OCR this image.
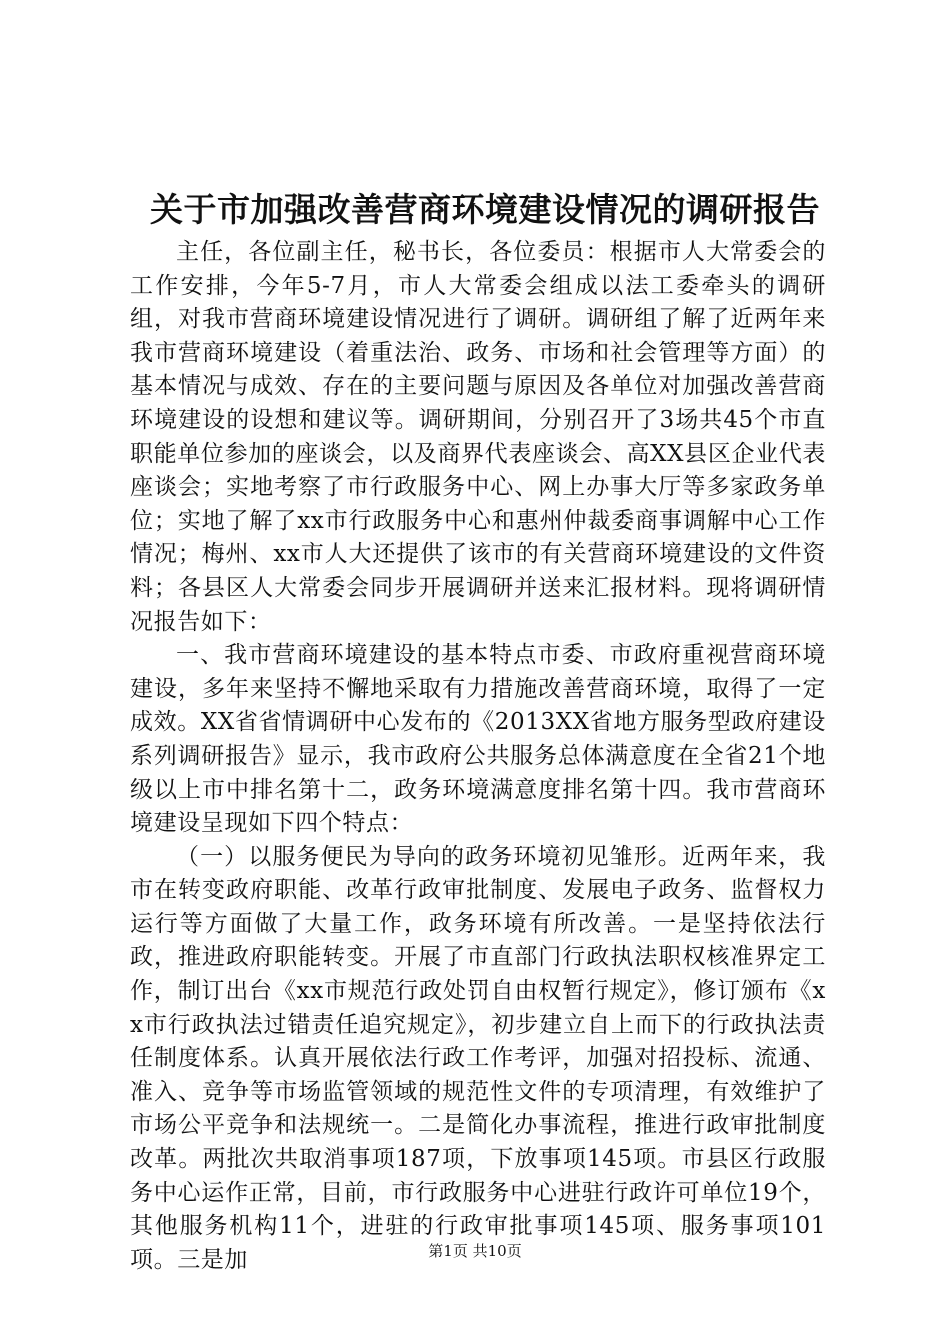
关于市加强改善营商环境建设情况的调研报告

主任，各位副主任，秘书长，各位委员：根据市人大常委会的工作安排，今年5-7月，市人大常委会组成以法工委牵头的调研组，对我市营商环境建设情况进行了调研。调研组了解了近两年来我市营商环境建设（着重法治、政务、市场和社会管理等方面）的基本情况与成效、存在的主要问题与原因及各单位对加强改善营商环境建设的设想和建议等。调研期间，分别召开了3场共45个市直职能单位参加的座谈会，以及商界代表座谈会、高XX县区企业代表座谈会；实地考察了市行政服务中心、网上办事大厅等多家政务单位；实地了解了xx市行政服务中心和惠州仲裁委商事调解中心工作情况；梅州、xx市人大还提供了该市的有关营商环境建设的文件资料；各县区人大常委会同步开展调研并送来汇报材料。现将调研情况报告如下：

一、我市营商环境建设的基本特点市委、市政府重视营商环境建设，多年来坚持不懈地采取有力措施改善营商环境，取得了一定成效。XX省省情调研中心发布的《2013XX省地方服务型政府建设系列调研报告》显示，我市政府公共服务总体满意度在全省21个地级以上市中排名第十二，政务环境满意度排名第十四。我市营商环境建设呈现如下四个特点：

（一）以服务便民为导向的政务环境初见雏形。近两年来，我市在转变政府职能、改革行政审批制度、发展电子政务、监督权力运行等方面做了大量工作，政务环境有所改善。一是坚持依法行政，推进政府职能转变。开展了市直部门行政执法职权核准界定工作，制订出台《xx市规范行政处罚自由权暂行规定》，修订颁布《xx市行政执法过错责任追究规定》，初步建立自上而下的行政执法责任制度体系。认真开展依法行政工作考评，加强对招投标、流通、准入、竞争等市场监管领域的规范性文件的专项清理，有效维护了市场公平竞争和法规统一。二是简化办事流程，推进行政审批制度改革。两批次共取消事项187项，下放事项145项。市县区行政服务中心运作正常，目前，市行政服务中心进驻行政许可单位19个，其他服务机构11个，进驻的行政审批事项145项、服务事项101项。三是加	第1页 共10页
